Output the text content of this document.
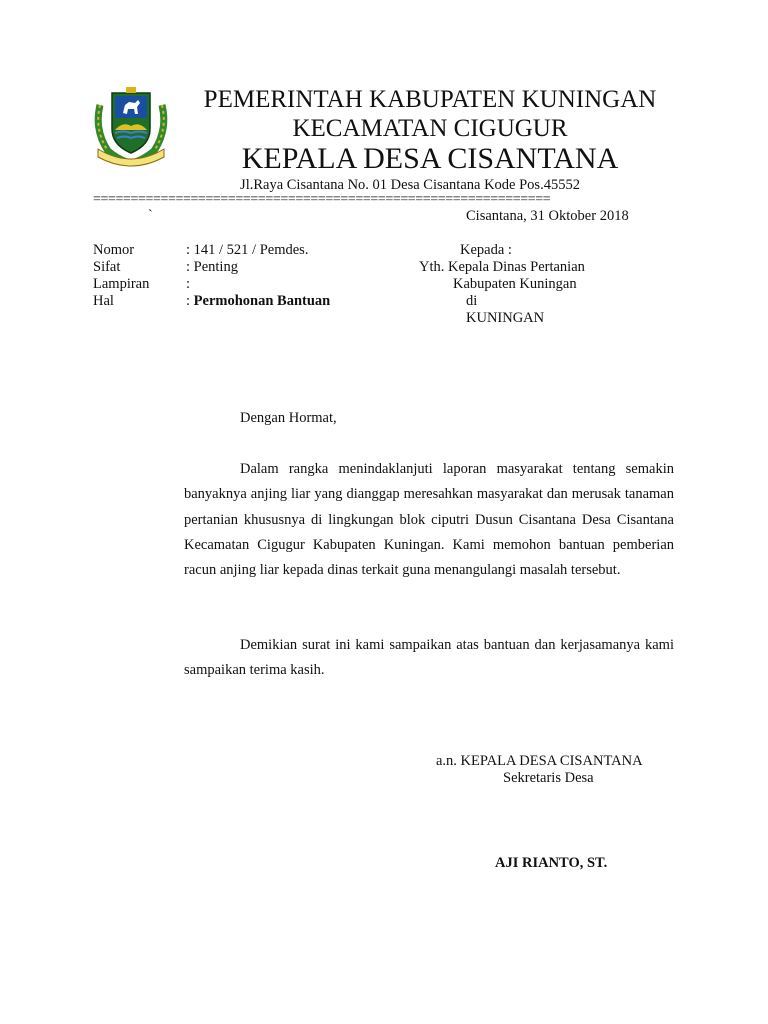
PEMERINTAH KABUPATEN KUNINGAN
KECAMATAN CIGUGUR
KEPALA DESA CISANTANA
Jl.Raya Cisantana No. 01 Desa Cisantana Kode Pos.45552
=============================================================
`	Cisantana, 31 Oktober 2018
Nomor	: 141 / 521 / Pemdes.
Sifat	: Penting
Lampiran	:
Hal	: Permohonan Bantuan
Kepada :
Yth. Kepala Dinas Pertanian
Kabupaten Kuningan
di
KUNINGAN
Dengan Hormat,
Dalam rangka menindaklanjuti laporan masyarakat tentang semakin banyaknya anjing liar yang dianggap meresahkan masyarakat dan merusak tanaman pertanian khususnya di lingkungan blok ciputri Dusun Cisantana Desa Cisantana Kecamatan Cigugur Kabupaten Kuningan. Kami memohon bantuan pemberian racun anjing liar kepada dinas terkait guna menangulangi masalah tersebut.
Demikian surat ini kami sampaikan atas bantuan dan kerjasamanya kami sampaikan terima kasih.
a.n. KEPALA DESA CISANTANA
Sekretaris Desa
AJI RIANTO, ST.
